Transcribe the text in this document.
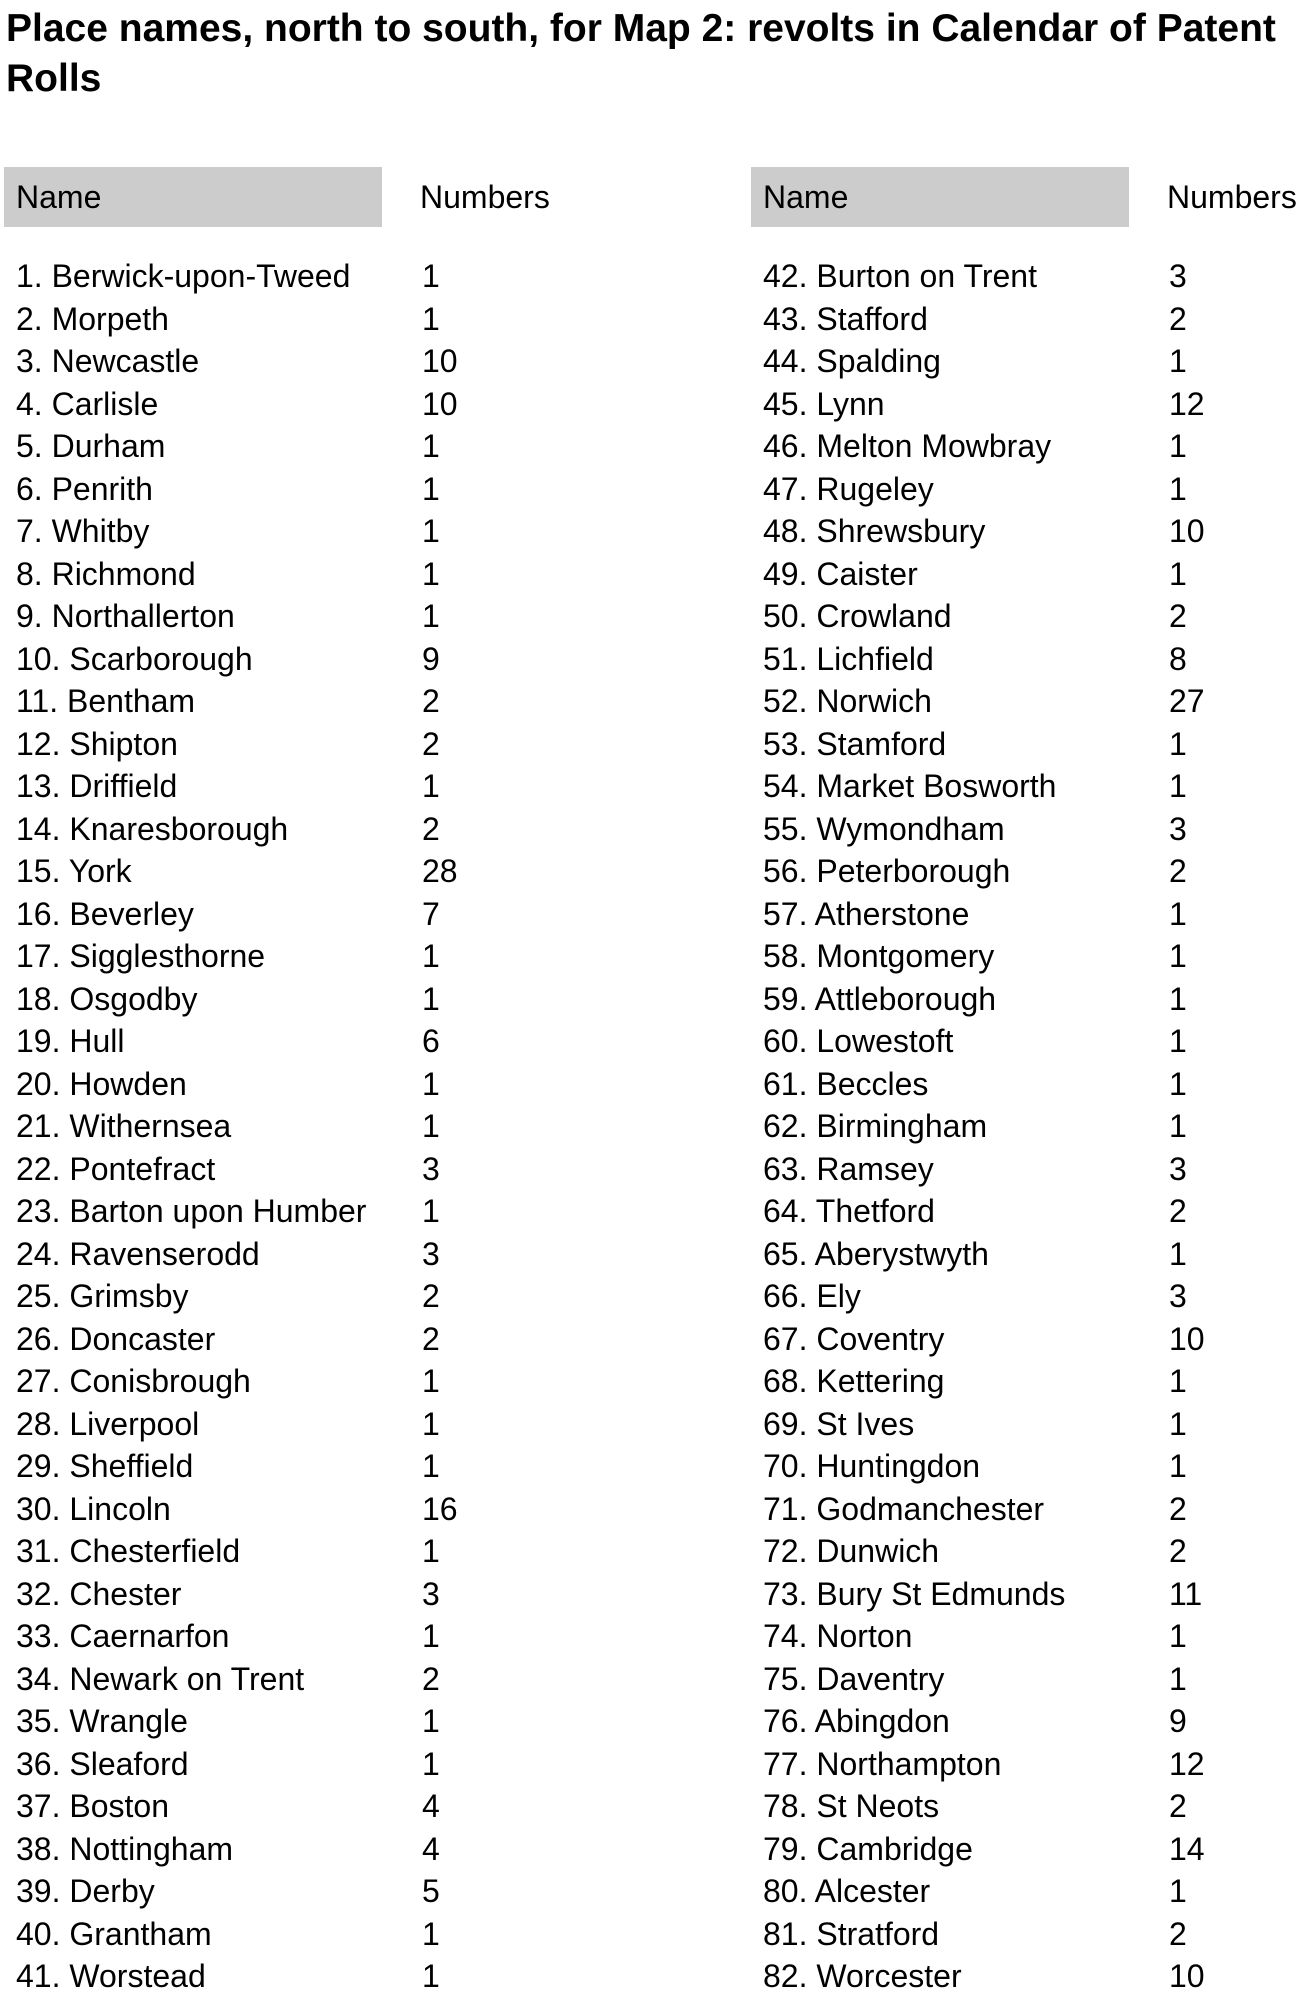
Place names, north to south, for Map 2: revolts in Calendar of Patent Rolls
Name	Numbers
1. Berwick-upon-Tweed 1
2. Morpeth	1
3. Newcastle	10
4. Carlisle	10
5. Durham	1
6. Penrith	1
7. Whitby	1
8. Richmond	1
9. Northallerton	1
10. Scarborough	9
11. Bentham	2
12. Shipton	2
13. Driffield	1
14. Knaresborough	2
15. York	28
16. Beverley	7
17. Sigglesthorne	1
18. Osgodby	1
19. Hull	6
20. Howden	1
21. Withernsea	1
22. Pontefract	3
23. Barton upon Humber 1
24. Ravenserodd	3
25. Grimsby	2
26. Doncaster	2
27. Conisbrough	1
28. Liverpool	1
29. Sheffield	1
30. Lincoln	16
31. Chesterfield	1
32. Chester	3
33. Caernarfon	1
34. Newark on Trent	2
35. Wrangle	1
36. Sleaford	1
37. Boston	4
38. Nottingham	4
39. Derby	5
40. Grantham	1
41. Worstead	1
Name	Numbers
42. Burton on Trent	3
43. Stafford	2
44. Spalding	1
45. Lynn	12
46. Melton Mowbray	1
47. Rugeley	1
48. Shrewsbury	10
49. Caister	1
50. Crowland	2
51. Lichfield	8
52. Norwich	27
53. Stamford	1
54. Market Bosworth	1
55. Wymondham	3
56. Peterborough	2
57. Atherstone	1
58. Montgomery	1
59. Attleborough	1
60. Lowestoft	1
61. Beccles	1
62. Birmingham	1
63. Ramsey	3
64. Thetford	2
65. Aberystwyth	1
66. Ely	3
67. Coventry	10
68. Kettering	1
69. St Ives	1
70. Huntingdon	1
71. Godmanchester	2
72. Dunwich	2
73. Bury St Edmunds	11
74. Norton	1
75. Daventry	1
76. Abingdon	9
77. Northampton	12
78. St Neots	2
79. Cambridge	14
80. Alcester	1
81. Stratford	2
82. Worcester	10
